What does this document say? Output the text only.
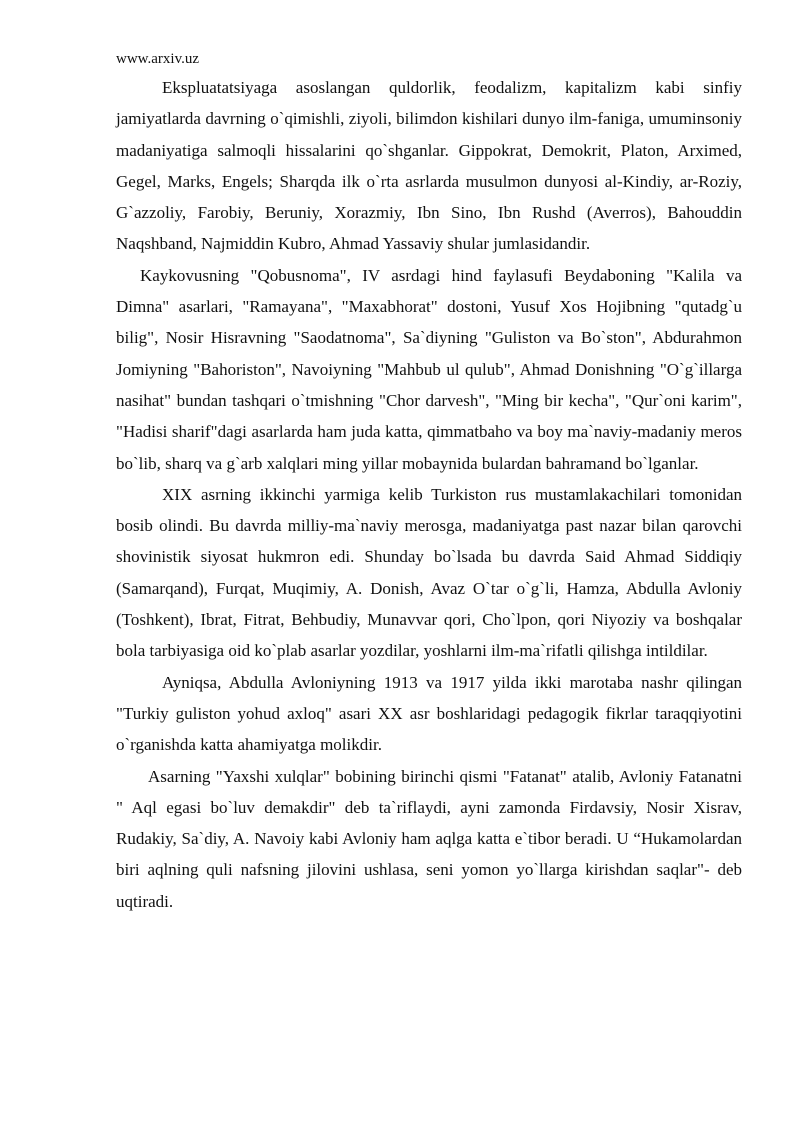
www.arxiv.uz

Ekspluatatsiyaga asoslangan quldorlik, feodalizm, kapitalizm kabi sinfiy jamiyatlarda davrning o`qimishli, ziyoli, bilimdon kishilari dunyo ilm-faniga, umuminsoniy madaniyatiga salmoqli hissalarini qo`shganlar. Gippokrat, Demokrit, Platon, Arximed, Gegel, Marks, Engels; Sharqda ilk o`rta asrlarda musulmon dunyosi al-Kindiy, ar-Roziy, G`azzoliy, Farobiy, Beruniy, Xorazmiy, Ibn Sino, Ibn Rushd (Averros), Bahouddin Naqshband, Najmiddin Kubro, Ahmad Yassaviy shular jumlasidandir.

Kaykovusning "Qobusnoma", IV asrdagi hind faylasufi Beydaboning "Kalila va Dimna" asarlari, "Ramayana", "Maxabhorat" dostoni, Yusuf Xos Hojibning "qutadg`u bilig", Nosir Hisravning "Saodatnoma", Sa`diyning "Guliston va Bo`ston", Abdurahmon Jomiyning "Bahoriston", Navoiyning "Mahbub ul qulub", Ahmad Donishning "O`g`illarga nasihat" bundan tashqari o`tmishning "Chor darvesh", "Ming bir kecha", "Qur`oni karim", "Hadisi sharif"dagi asarlarda ham juda katta, qimmatbaho va boy ma`naviy-madaniy meros bo`lib, sharq va g`arb xalqlari ming yillar mobaynida bulardan bahramand bo`lganlar.

XIX asrning ikkinchi yarmiga kelib Turkiston rus mustamlakachilari tomonidan bosib olindi. Bu davrda milliy-ma`naviy merosga, madaniyatga past nazar bilan qarovchi shovinistik siyosat hukmron edi. Shunday bo`lsada bu davrda Said Ahmad Siddiqiy (Samarqand), Furqat, Muqimiy, A. Donish, Avaz O`tar o`g`li, Hamza, Abdulla Avloniy (Toshkent), Ibrat, Fitrat, Behbudiy, Munavvar qori, Cho`lpon, qori Niyoziy va boshqalar bola tarbiyasiga oid ko`plab asarlar yozdilar, yoshlarni ilm-ma`rifatli qilishga intildilar.

Ayniqsa, Abdulla Avloniyning 1913 va 1917 yilda ikki marotaba nashr qilingan "Turkiy guliston yohud axloq" asari XX asr boshlaridagi pedagogik fikrlar taraqqiyotini o`rganishda katta ahamiyatga molikdir.

Asarning "Yaxshi xulqlar" bobining birinchi qismi "Fatanat" atalib, Avloniy Fatanatni " Aql egasi bo`luv demakdir" deb ta`riflaydi, ayni zamonda Firdavsiy, Nosir Xisrav, Rudakiy, Sa`diy, A. Navoiy kabi Avloniy ham aqlga katta e`tibor beradi. U “Hukamolardan biri aqlning quli nafsning jilovini ushlasa, seni yomon yo`llarga kirishdan saqlar"- deb uqtiradi.
